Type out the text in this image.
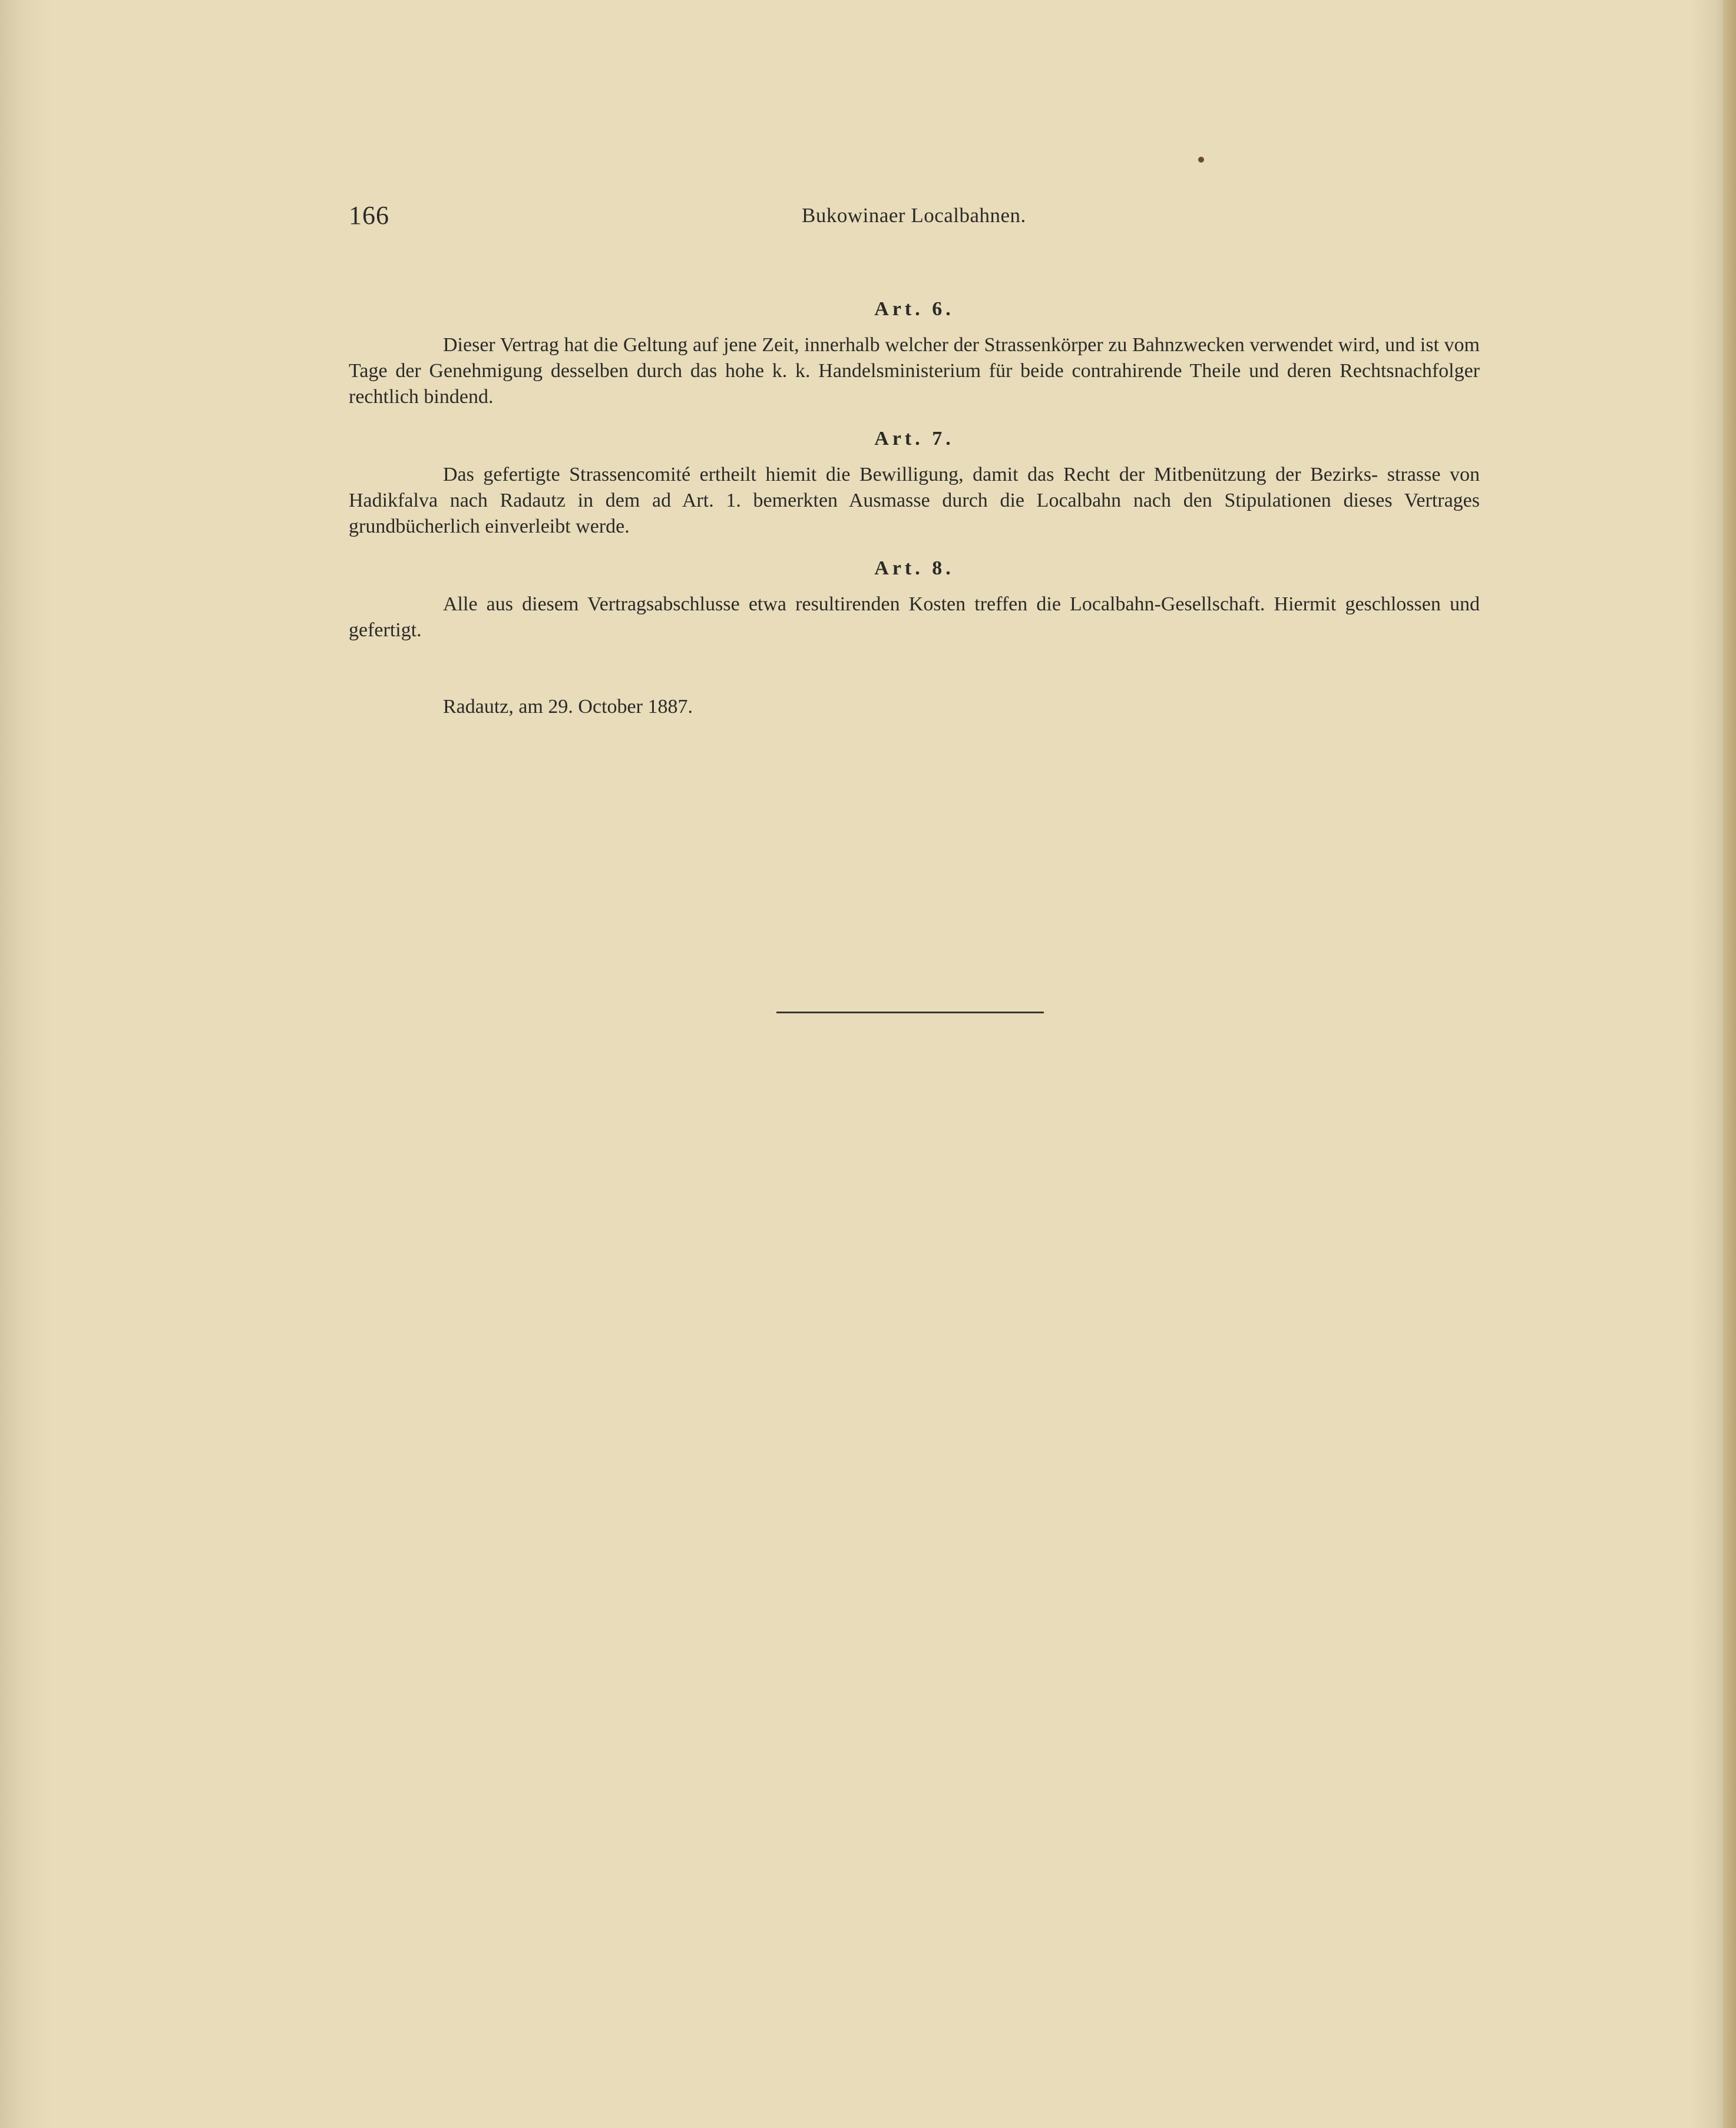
166	Bukowinaer Localbahnen.
Art. 6.

Dieser Vertrag hat die Geltung auf jene Zeit, innerhalb welcher der Strassenkörper zu Bahnzwecken verwendet wird, und ist vom Tage der Genehmigung desselben durch das hohe k. k. Handelsministerium für beide contrahirende Theile und deren Rechtsnachfolger rechtlich bindend.

Art. 7.

Das gefertigte Strassencomité ertheilt hiemit die Bewilligung, damit das Recht der Mitbenützung der Bezirks- strasse von Hadikfalva nach Radautz in dem ad Art. 1. bemerkten Ausmasse durch die Localbahn nach den Stipulationen dieses Vertrages grundbücherlich einverleibt werde.

Art. 8.

Alle aus diesem Vertragsabschlusse etwa resultirenden Kosten treffen die Localbahn-Gesellschaft. Hiermit geschlossen und gefertigt.

Radautz, am 29. October 1887.
